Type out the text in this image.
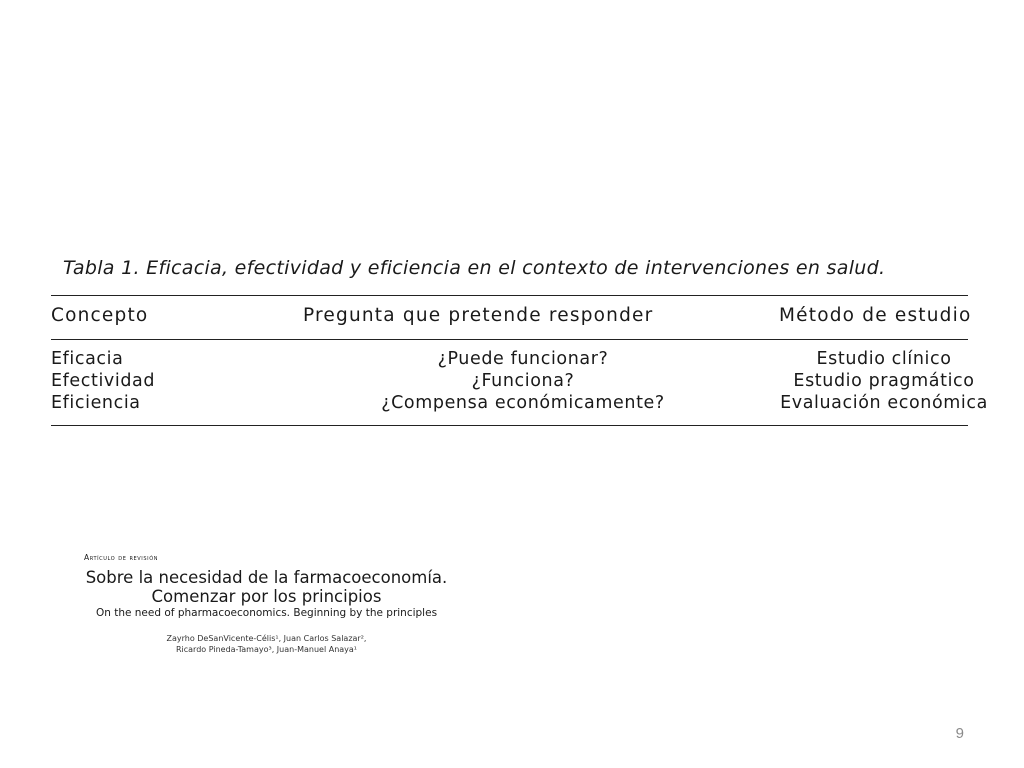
Tabla 1. Eficacia, efectividad y eficiencia en el contexto de intervenciones en salud.
Concepto	Pregunta que pretende responder	Método de estudio
Eficacia	¿Puede funcionar?	Estudio clínico
Efectividad	¿Funciona?	Estudio pragmático
Eficiencia	¿Compensa económicamente?	Evaluación económica
Artículo de revisión
Sobre la necesidad de la farmacoeconomía.
Comenzar por los principios
On the need of pharmacoeconomics. Beginning by the principles
Zayrho DeSanVicente-Célis¹, Juan Carlos Salazar²,
Ricardo Pineda-Tamayo³, Juan-Manuel Anaya¹
9
